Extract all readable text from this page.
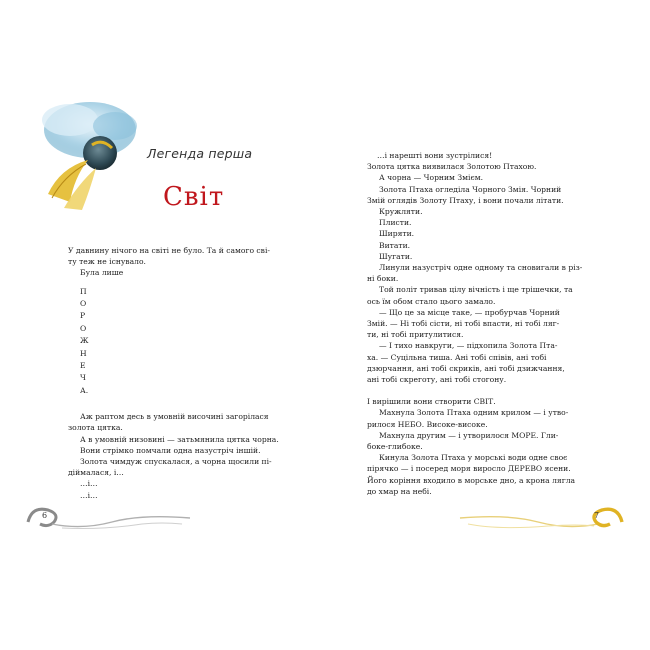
Легенда перша
Світ

У давнину нічого на світі не було. Та й самого сві-

ту теж не існувало.

Була лише

П
О
Р
О
Ж
Н
Е
Ч
А.

Аж раптом десь в умовній височині загорілася

золота цятка.

А в умовній низовині — затьмянила цятка чорна.

Вони стрімко помчали одна назустріч іншій.

Золота чимдуж спускалася, а чорна щосили пі-

діймалася, і…

…і…

…і…

…і нарешті вони зустрілися!

Золота цятка виявилася Золотою Птахою.

А чорна — Чорним Змієм.

Золота Птаха огледіла Чорного Змія. Чорний

Змій оглядів Золоту Птаху, і вони почали літати.

Кружляти.

Плисти.

Ширяти.

Витати.

Шугати.

Линули назустріч одне одному та сновигали в різ-

ні боки.

Той політ тривав цілу вічність і ще трішечки, та

ось їм обом стало цього замало.

— Що це за місце таке, — пробурчав Чорний

Змій. — Ні тобі сісти, ні тобі впасти, ні тобі ляг-

ти, ні тобі притулитися.

— І тихо навкруги, — підхопила Золота Пта-

ха. — Суцільна тиша. Ані тобі співів, ані тобі

дзюрчання, ані тобі скриків, ані тобі дзижчання,

ані тобі скреготу, ані тобі стогону.

І вирішили вони створити СВІТ.

Махнула Золота Птаха одним крилом — і утво-

рилося НЕБО. Високе-високе.

Махнула другим — і утворилося МОРЕ. Гли-

боке-глибоке.

Кинула Золота Птаха у морські води одне своє

пірячко — і посеред моря виросло ДЕРЕВО ясени.

Його коріння входило в морське дно, а крона лягла

до хмар на небі.

6	7
